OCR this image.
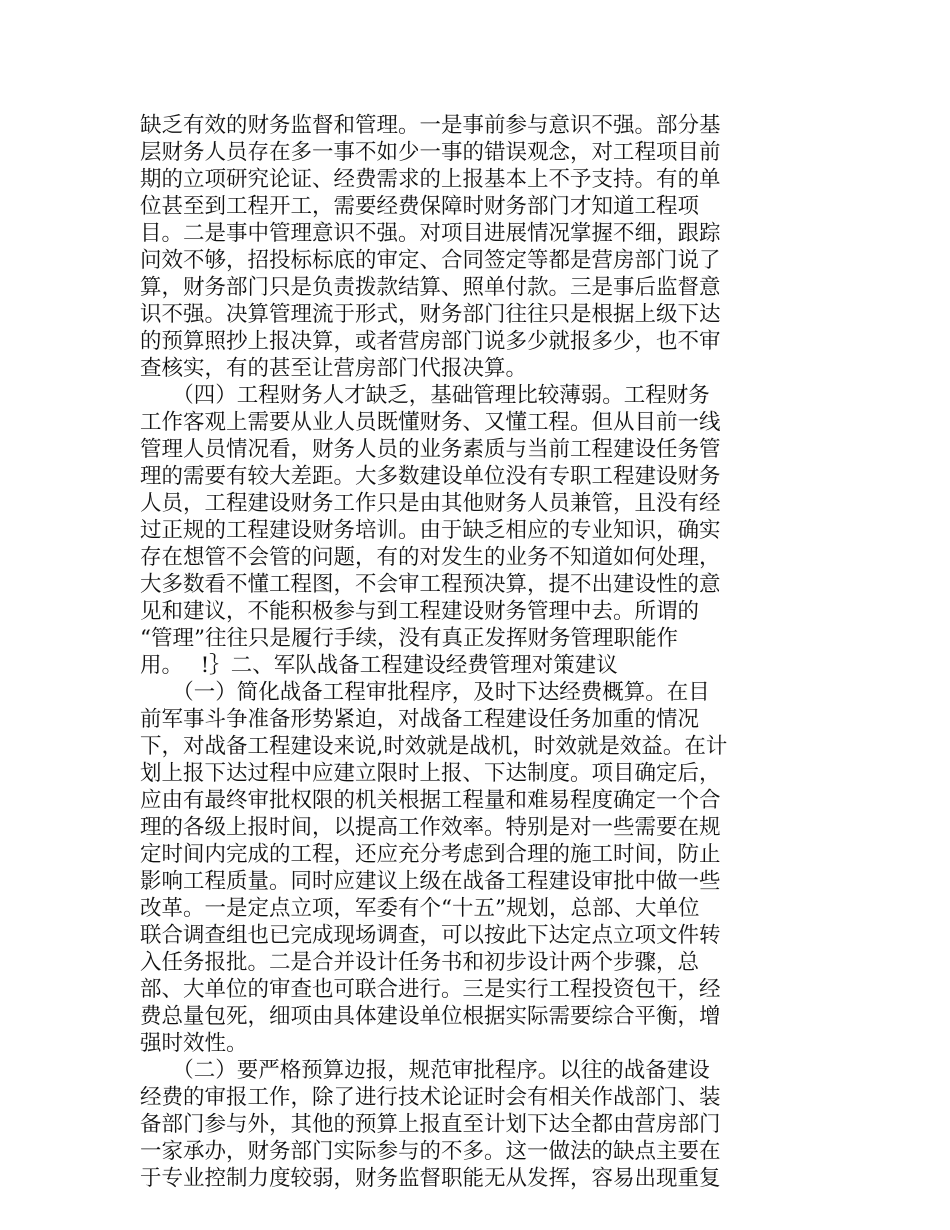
缺乏有效的财务监督和管理。一是事前参与意识不强。部分基
层财务人员存在多一事不如少一事的错误观念，对工程项目前
期的立项研究论证、经费需求的上报基本上不予支持。有的单
位甚至到工程开工，需要经费保障时财务部门才知道工程项
目。二是事中管理意识不强。对项目进展情况掌握不细，跟踪
问效不够，招投标标底的审定、合同签定等都是营房部门说了
算，财务部门只是负责拨款结算、照单付款。三是事后监督意
识不强。决算管理流于形式，财务部门往往只是根据上级下达
的预算照抄上报决算，或者营房部门说多少就报多少，也不审
查核实，有的甚至让营房部门代报决算。
　　（四）工程财务人才缺乏，基础管理比较薄弱。工程财务
工作客观上需要从业人员既懂财务、又懂工程。但从目前一线
管理人员情况看，财务人员的业务素质与当前工程建设任务管
理的需要有较大差距。大多数建设单位没有专职工程建设财务
人员，工程建设财务工作只是由其他财务人员兼管，且没有经
过正规的工程建设财务培训。由于缺乏相应的专业知识，确实
存在想管不会管的问题，有的对发生的业务不知道如何处理，
大多数看不懂工程图，不会审工程预决算，提不出建设性的意
见和建议，不能积极参与到工程建设财务管理中去。所谓的
“管理”往往只是履行手续，没有真正发挥财务管理职能作
用。　 !｝二、军队战备工程建设经费管理对策建议
　　（一）简化战备工程审批程序，及时下达经费概算。在目
前军事斗争准备形势紧迫，对战备工程建设任务加重的情况
下，对战备工程建设来说,时效就是战机，时效就是效益。在计
划上报下达过程中应建立限时上报、下达制度。项目确定后，
应由有最终审批权限的机关根据工程量和难易程度确定一个合
理的各级上报时间，以提高工作效率。特别是对一些需要在规
定时间内完成的工程，还应充分考虑到合理的施工时间，防止
影响工程质量。同时应建议上级在战备工程建设审批中做一些
改革。一是定点立项，军委有个“十五”规划，总部、大单位
联合调查组也已完成现场调查，可以按此下达定点立项文件转
入任务报批。二是合并设计任务书和初步设计两个步骤，总
部、大单位的审查也可联合进行。三是实行工程投资包干，经
费总量包死，细项由具体建设单位根据实际需要综合平衡，增
强时效性。
　　（二）要严格预算边报，规范审批程序。以往的战备建设
经费的审报工作，除了进行技术论证时会有相关作战部门、装
备部门参与外，其他的预算上报直至计划下达全都由营房部门
一家承办，财务部门实际参与的不多。这一做法的缺点主要在
于专业控制力度较弱，财务监督职能无从发挥，容易出现重复
